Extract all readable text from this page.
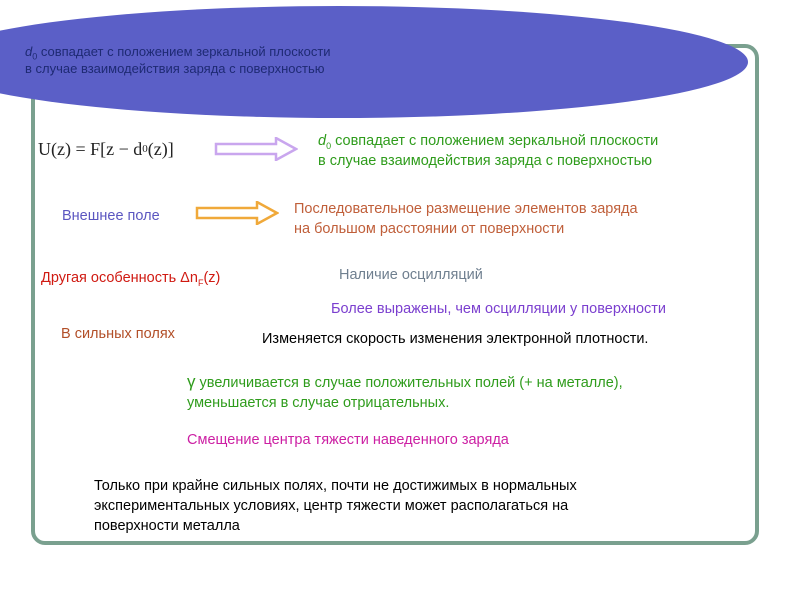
$d_0$ совпадает с положением зеркальной плоскости
в случае взаимодействия заряда с поверхностью
U(z) = F[z − d 0 (z)]	$d_0$ совпадает с положением зеркальной плоскости
в случае взаимодействия заряда с поверхностью
Внешнее поле	Последовательное размещение элементов заряда
на большом расстоянии от поверхности
Другая особенность $\Delta n_F(z)$	Наличие осцилляций
Более выражены, чем осцилляции у поверхности
В сильных полях	Изменяется скорость изменения электронной плотности.
γ увеличивается в случае положительных полей (+ на металле),
уменьшается в случае отрицательных.
Смещение центра тяжести наведенного заряда
Только при крайне сильных полях, почти не достижимых в нормальных
экспериментальных условиях, центр тяжести может располагаться на
поверхности металла
